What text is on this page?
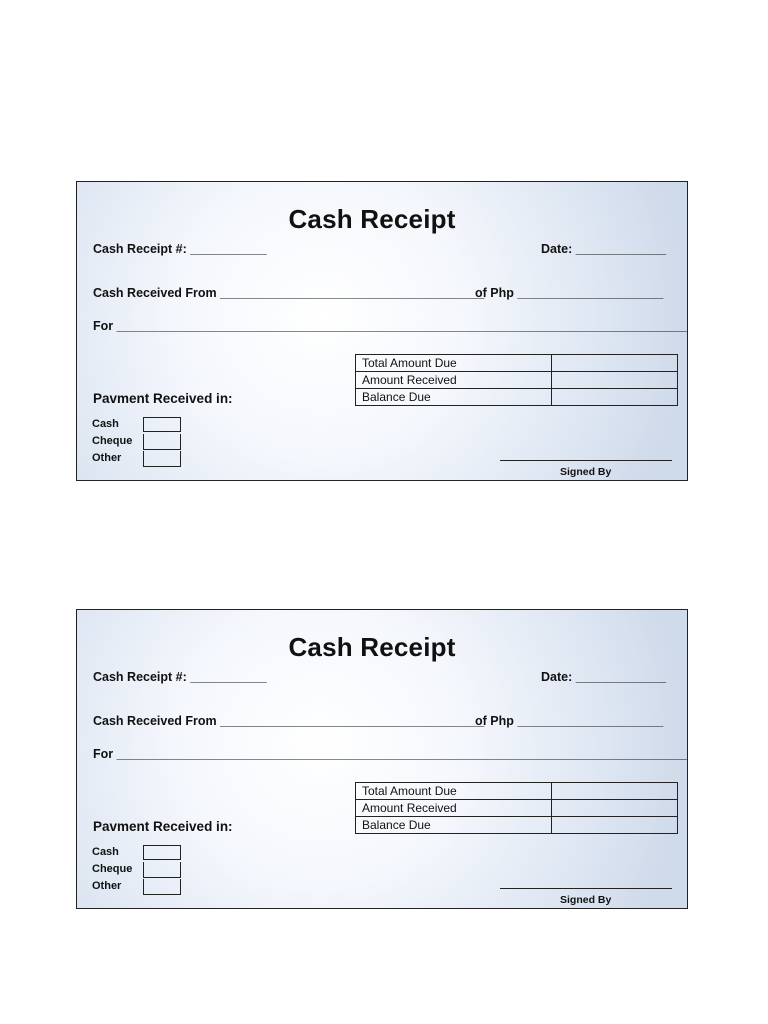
Cash Receipt
Cash Receipt #: ___________	Date: _____________
Cash Received From ______________________________________
of Php _____________________
For __________________________________________________________________________________
Total Amount Due	
Amount Received	
Balance Due	
Pavment Received in:
Cash
Cheque
Other
Signed By
Cash Receipt
Cash Receipt #: ___________	Date: _____________
Cash Received From ______________________________________
of Php _____________________
For __________________________________________________________________________________
Total Amount Due	
Amount Received	
Balance Due	
Pavment Received in:
Cash
Cheque
Other
Signed By
